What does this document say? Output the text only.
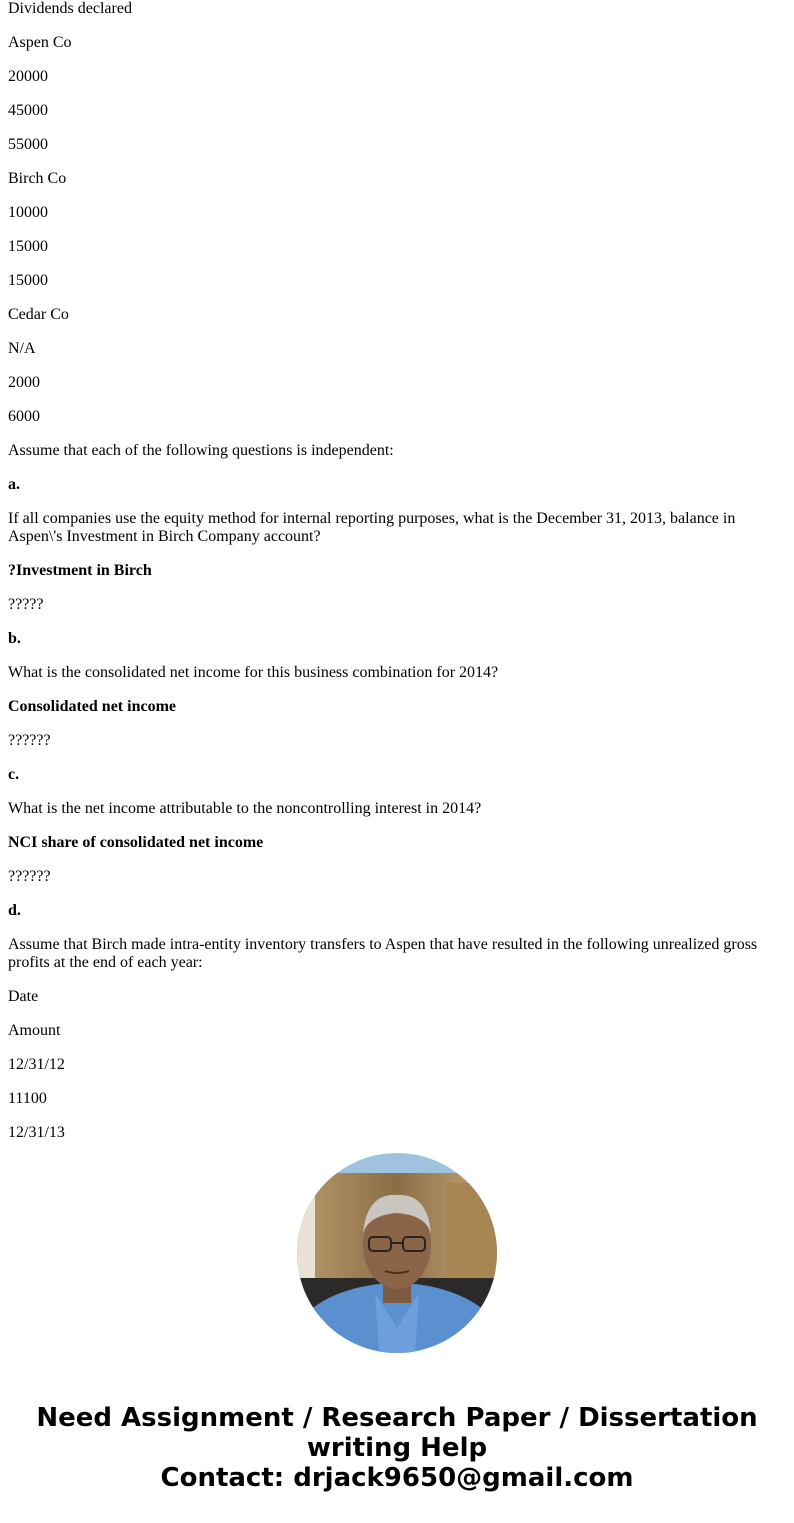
Dividends declared

Aspen Co

20000

45000

55000

Birch Co

10000

15000

15000

Cedar Co

N/A

2000

6000

Assume that each of the following questions is independent:

a.

If all companies use the equity method for internal reporting purposes, what is the December 31, 2013, balance in Aspen\'s Investment in Birch Company account?

?Investment in Birch

?????

b.

What is the consolidated net income for this business combination for 2014?

Consolidated net income

??????

c.

What is the net income attributable to the noncontrolling interest in 2014?

NCI share of consolidated net income

??????

d.

Assume that Birch made intra-entity inventory transfers to Aspen that have resulted in the following unrealized gross profits at the end of each year:

Date

Amount

12/31/12

11100

12/31/13

Need Assignment / Research Paper / Dissertation writing Help
Contact: drjack9650@gmail.com
